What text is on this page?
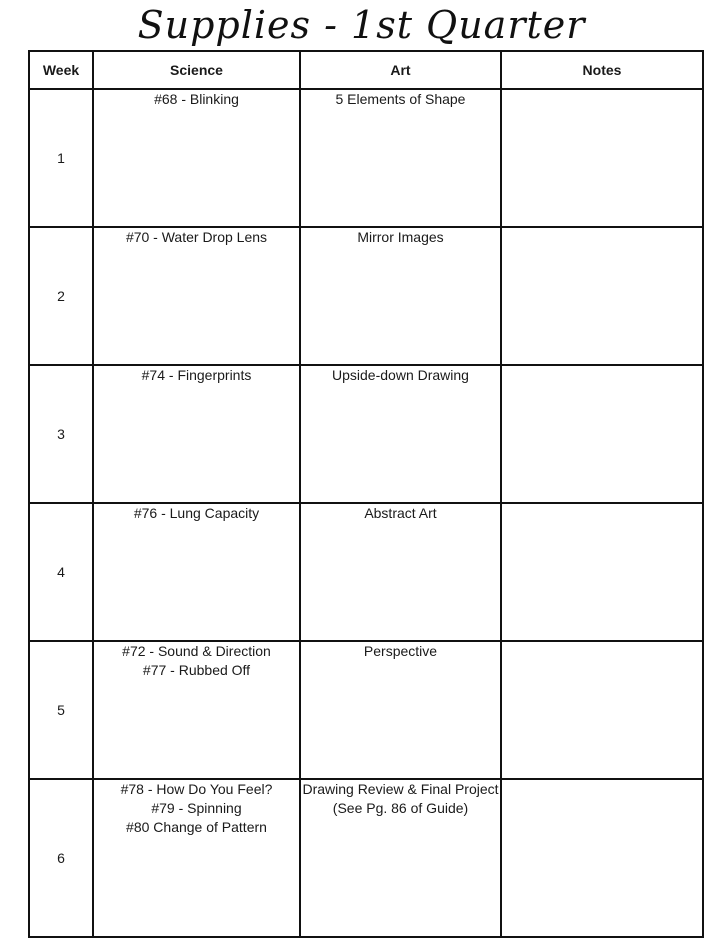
Supplies - 1st Quarter
Week	Science	Art	Notes
1	#68 - Blinking	5 Elements of Shape	

2	#70 - Water Drop Lens	Mirror Images	

3	#74 - Fingerprints	Upside-down Drawing	

4	#76 - Lung Capacity	Abstract Art	

5	#72 - Sound & Direction
#77 - Rubbed Off	Perspective	

6	#78 - How Do You Feel?
#79 - Spinning
#80 Change of Pattern	Drawing Review & Final Project
(See Pg. 86 of Guide)	
